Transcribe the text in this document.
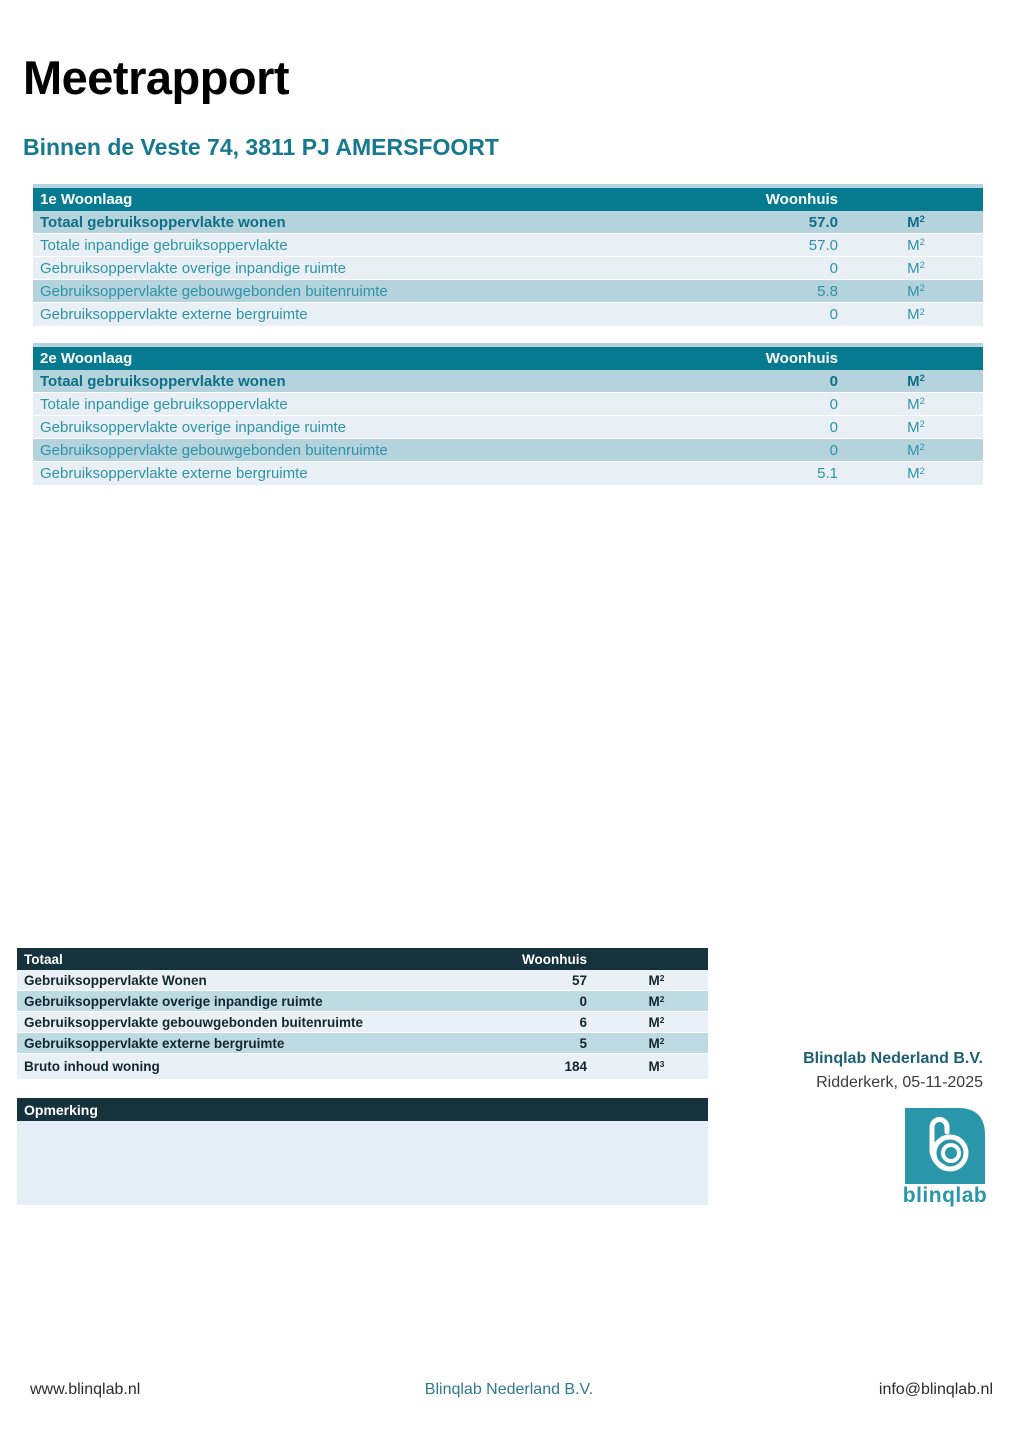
Meetrapport
Binnen de Veste 74, 3811 PJ AMERSFOORT
1e Woonlaag	Woonhuis
Totaal gebruiksoppervlakte wonen	57.0	$M^2$
Totale inpandige gebruiksoppervlakte	57.0	$M^2$
Gebruiksoppervlakte overige inpandige ruimte	0	$M^2$
Gebruiksoppervlakte gebouwgebonden buitenruimte	5.8	$M^2$
Gebruiksoppervlakte externe bergruimte	0	$M^2$
2e Woonlaag	Woonhuis
Totaal gebruiksoppervlakte wonen	0	$M^2$
Totale inpandige gebruiksoppervlakte	0	$M^2$
Gebruiksoppervlakte overige inpandige ruimte	0	$M^2$
Gebruiksoppervlakte gebouwgebonden buitenruimte	0	$M^2$
Gebruiksoppervlakte externe bergruimte	5.1	$M^2$
Totaal	Woonhuis
Gebruiksoppervlakte Wonen	57	$M^2$
Gebruiksoppervlakte overige inpandige ruimte	0	$M^2$
Gebruiksoppervlakte gebouwgebonden buitenruimte	6	$M^2$
Gebruiksoppervlakte externe bergruimte	5	$M^2$
Bruto inhoud woning	184	$M^3$
Opmerking
Blinqlab Nederland B.V.
Ridderkerk, 05-11-2025
blinqlab
www.blinqlab.nl	Blinqlab Nederland B.V.	info@blinqlab.nl
